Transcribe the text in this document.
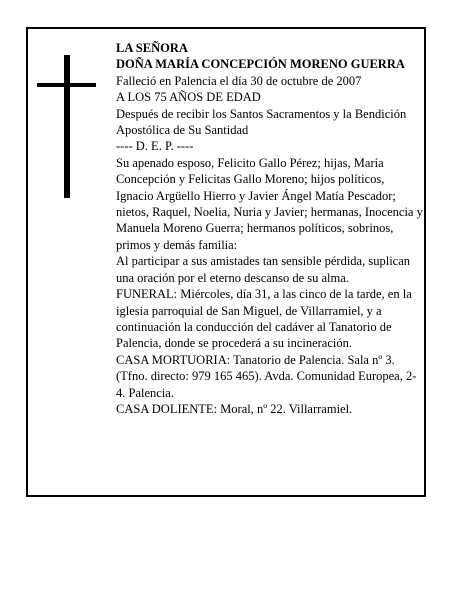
LA SEÑORA

DOÑA MARÍA CONCEPCIÓN MORENO GUERRA

Falleció en Palencia el día 30 de octubre de 2007

A LOS 75 AÑOS DE EDAD

Después de recibir los Santos Sacramentos y la Bendición Apostólica de Su Santidad

---- D. E. P. ----

Su apenado esposo, Felicito Gallo Pérez; hijas, María Concepción y Felicitas Gallo Moreno; hijos políticos, Ignacio Argüello Hierro y Javier Ángel Matía Pescador; nietos, Raquel, Noelia, Nuria y Javier; hermanas, Inocencia y Manuela Moreno Guerra; hermanos políticos, sobrinos, primos y demás familia:

Al participar a sus amistades tan sensible pérdida, suplican una oración por el eterno descanso de su alma.

FUNERAL: Miércoles, día 31, a las cinco de la tarde, en la iglesia parroquial de San Miguel, de Villarramiel, y a continuación la conducción del cadáver al Tanatorio de Palencia, donde se procederá a su incineración.

CASA MORTUORIA: Tanatorio de Palencia. Sala nº 3. (Tfno. directo: 979 165 465). Avda. Comunidad Europea, 2-4. Palencia.

CASA DOLIENTE: Moral, nº 22. Villarramiel.
